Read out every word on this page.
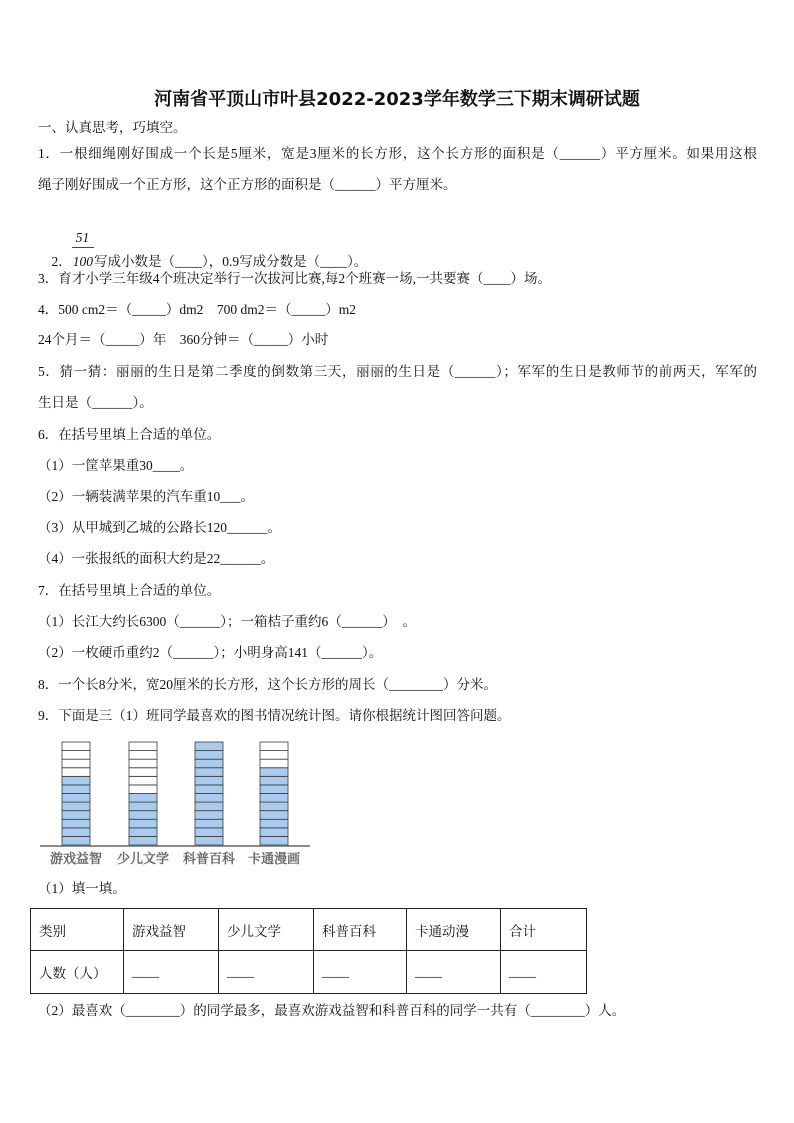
河南省平顶山市叶县2022-2023学年数学三下期末调研试题
一、认真思考，巧填空。
1．一根细绳刚好围成一个长是5厘米，宽是3厘米的长方形，这个长方形的面积是（______）平方厘米。如果用这根
绳子刚好围成一个正方形，这个正方形的面积是（______）平方厘米。

2． $\frac{51}{100}$写成小数是（____），0.9写成分数是（____）。

3．育才小学三年级4个班决定举行一次拔河比赛,每2个班赛一场,一共要赛（____）场。
4．500 cm2＝（_____）dm2    700 dm2＝（_____）m2
24个月＝（_____）年    360分钟＝（_____）小时
5．猜一猜：丽丽的生日是第二季度的倒数第三天，丽丽的生日是（______）；军军的生日是教师节的前两天，军军的
生日是（______）。
6．在括号里填上合适的单位。
（1）一筐苹果重30____。
（2）一辆装满苹果的汽车重10___。
（3）从甲城到乙城的公路长120______。
（4）一张报纸的面积大约是22______。
7．在括号里填上合适的单位。
（1）长江大约长6300（______）；一箱桔子重约6（______）  。
（2）一枚硬币重约2（______）；小明身高141（______）。
8．一个长8分米，宽20厘米的长方形，这个长方形的周长（________）分米。
9．下面是三（1）班同学最喜欢的图书情况统计图。请你根据统计图回答问题。
游戏益智 少儿文学 科普百科 卡通漫画
（1）填一填。
类别	游戏益智	少儿文学	科普百科	卡通动漫	合计
人数（人）	____	____	____	____	____
（2）最喜欢（________）的同学最多，最喜欢游戏益智和科普百科的同学一共有（________）人。
